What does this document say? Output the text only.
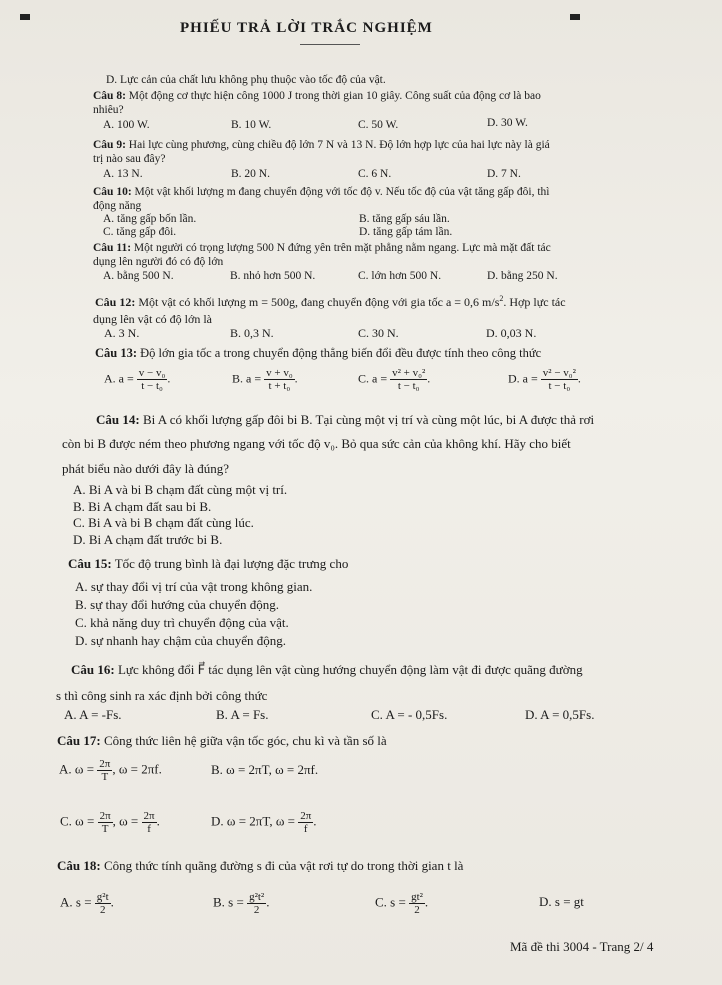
PHIẾU TRẢ LỜI TRẮC NGHIỆM
D. Lực cản của chất lưu không phụ thuộc vào tốc độ của vật.
Câu 8: Một động cơ thực hiện công 1000 J trong thời gian 10 giây. Công suất của động cơ là bao
nhiêu?
A. 100 W.	B. 10 W.	C. 50 W.	D. 30 W.
Câu 9: Hai lực cùng phương, cùng chiều độ lớn 7 N và 13 N. Độ lớn hợp lực của hai lực này là giá
trị nào sau đây?
A. 13 N.	B. 20 N.	C. 6 N.	D. 7 N.
Câu 10: Một vật khối lượng m đang chuyển động với tốc độ v. Nếu tốc độ của vật tăng gấp đôi, thì
động năng
A. tăng gấp bốn lần.	B. tăng gấp sáu lần.
C. tăng gấp đôi.	D. tăng gấp tám lần.
Câu 11: Một người có trọng lượng 500 N đứng yên trên mặt phẳng nằm ngang. Lực mà mặt đất tác
dụng lên người đó có độ lớn
A. bằng 500 N.	B. nhỏ hơn 500 N.	C. lớn hơn 500 N.	D. bằng 250 N.
Câu 12: Một vật có khối lượng m = 500g, đang chuyển động với gia tốc a = 0,6 $m/s^2$. Hợp lực tác
dụng lên vật có độ lớn là
A. 3 N.	B. 0,3 N.	C. 30 N.	D. 0,03 N.
Câu 13: Độ lớn gia tốc a trong chuyển động thẳng biến đổi đều được tính theo công thức
A. $a = \frac{\text{v − v₀}}{\text{t − t₀}}$ .	B. $a = \frac{\text{v + v₀}}{\text{t + t₀}}$ .	C. $a = \frac{\text{v² + v₀²}}{\text{t − t₀}}$ .	D. $a = \frac{\text{v² − v₀²}}{\text{t − t₀}}$ .
Câu 14: Bi A có khối lượng gấp đôi bi B. Tại cùng một vị trí và cùng một lúc, bi A được thả rơi
còn bi B được ném theo phương ngang với tốc độ v₀. Bỏ qua sức cản của không khí. Hãy cho biết
phát biểu nào dưới đây là đúng?
A. Bi A và bi B chạm đất cùng một vị trí.
B. Bi A chạm đất sau bi B.
C. Bi A và bi B chạm đất cùng lúc.
D. Bi A chạm đất trước bi B.
Câu 15: Tốc độ trung bình là đại lượng đặc trưng cho
A. sự thay đổi vị trí của vật trong không gian.
B. sự thay đổi hướng của chuyển động.
C. khả năng duy trì chuyển động của vật.
D. sự nhanh hay chậm của chuyển động.
Câu 16: Lực không đổi F⃗ tác dụng lên vật cùng hướng chuyển động làm vật đi được quãng đường
s thì công sinh ra xác định bởi công thức
A. A = -Fs.	B. A = Fs.	C. A = - 0,5Fs.	D. A = 0,5Fs.
Câu 17: Công thức liên hệ giữa vận tốc góc, chu kì và tần số là
A. $\omega = \frac{2\pi}{T}$ , ω = 2πf.	B. ω = 2πT, ω = 2πf.
C. $\omega = \frac{2\pi}{T}$ , $\omega = \frac{2\pi}{f}$ .	D. ω = 2πT, $\omega = \frac{2\pi}{f}$ .
Câu 18: Công thức tính quãng đường s đi của vật rơi tự do trong thời gian t là
A. $s = \frac{\text{g²t}}{2}$ .	B. $s = \frac{\text{g²t²}}{2}$ .	C. $s = \frac{\text{gt²}}{2}$ .	D. s = gt
Mã đề thi 3004 - Trang 2/ 4
